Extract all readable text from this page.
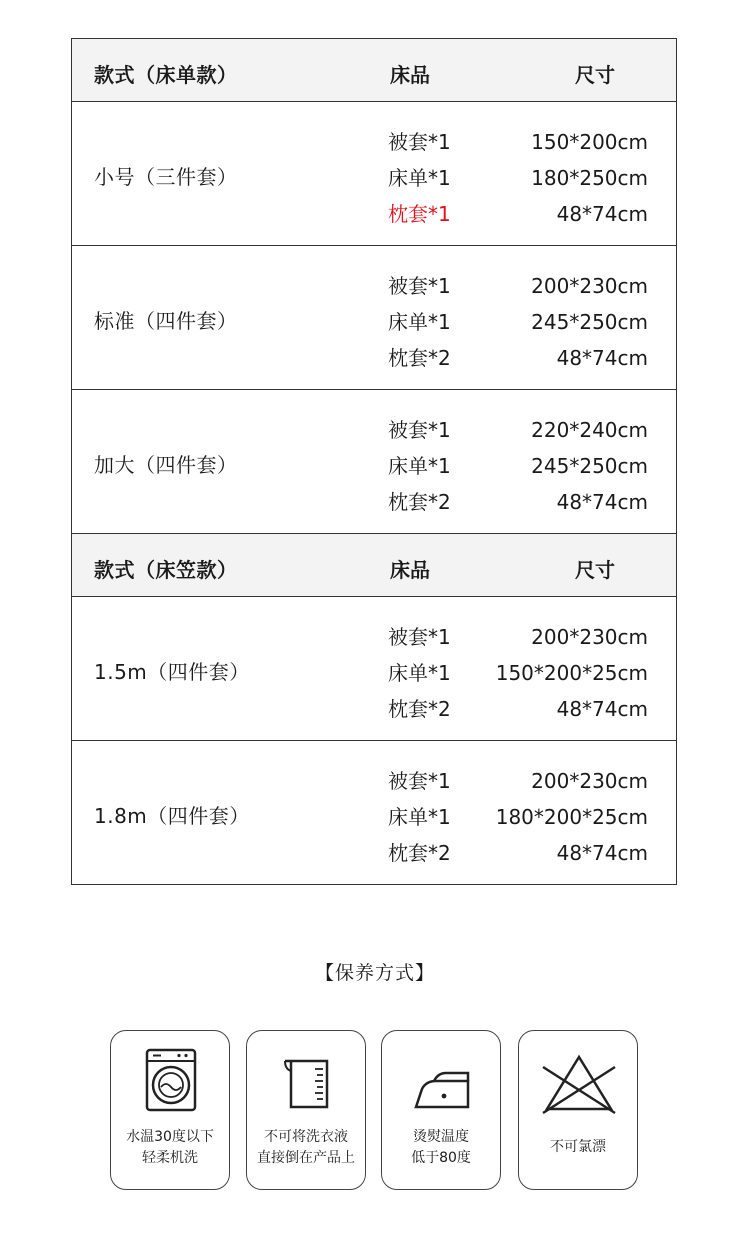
款式（床单款）	床品	尺寸
小号（三件套）
被套*1	150*200cm
床单*1	180*250cm
枕套*1	48*74cm
标准（四件套）
被套*1	200*230cm
床单*1	245*250cm
枕套*2	48*74cm
加大（四件套）
被套*1	220*240cm
床单*1	245*250cm
枕套*2	48*74cm
款式（床笠款）	床品	尺寸
1.5m（四件套）
被套*1	200*230cm
床单*1 150*200*25cm
枕套*2	48*74cm
1.8m（四件套）
被套*1	200*230cm
床单*1 180*200*25cm
枕套*2	48*74cm
【保养方式】
水温30度以下
轻柔机洗
不可将洗衣液
直接倒在产品上
烫熨温度
低于80度
不可氯漂
